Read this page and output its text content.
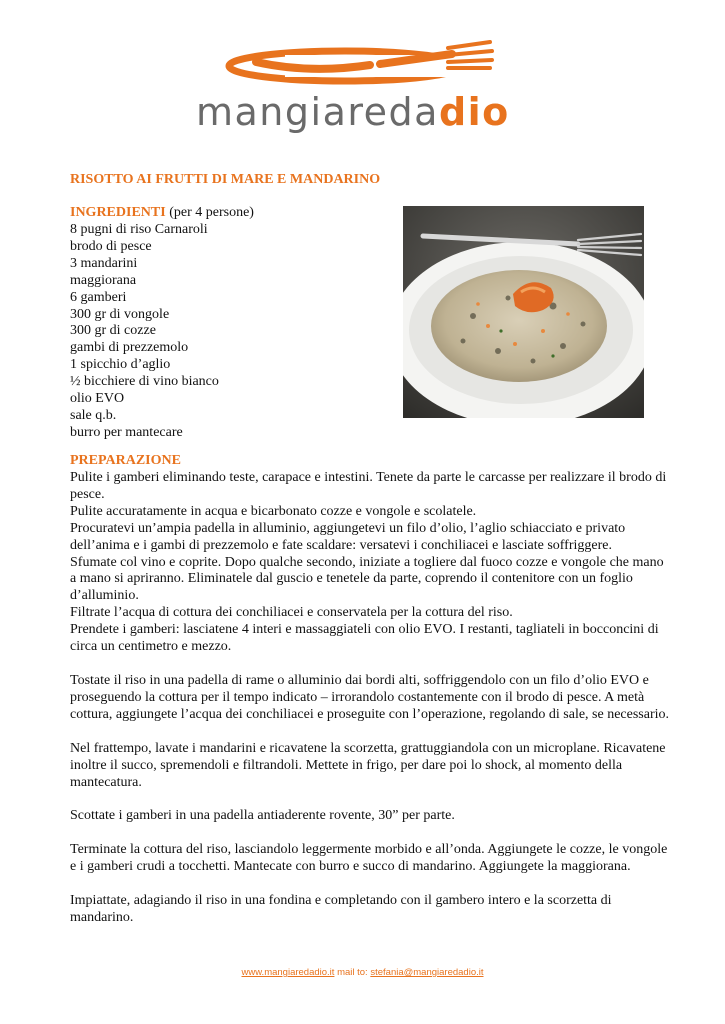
mangiaredadio
RISOTTO AI FRUTTI DI MARE E MANDARINO

INGREDIENTI (per 4 persone)

8 pugni di riso Carnaroli
brodo di pesce
3 mandarini
maggiorana
6 gamberi
300 gr di vongole
300 gr di cozze
gambi di prezzemolo
1 spicchio d’aglio
½ bicchiere di vino bianco
olio EVO
sale q.b.
burro per mantecare
PREPARAZIONE

Pulite i gamberi eliminando teste, carapace e intestini. Tenete da parte le carcasse per realizzare il brodo di pesce.

Pulite accuratamente in acqua e bicarbonato cozze e vongole e scolatele.

Procuratevi un’ampia padella in alluminio, aggiungetevi un filo d’olio, l’aglio schiacciato e privato dell’anima e i gambi di prezzemolo e fate scaldare: versatevi i conchiliacei e lasciate soffriggere.

Sfumate col vino e coprite. Dopo qualche secondo, iniziate a togliere dal fuoco cozze e vongole che mano a mano si apriranno. Eliminatele dal guscio e tenetele da parte, coprendo il contenitore con un foglio d’alluminio.

Filtrate l’acqua di cottura dei conchiliacei e conservatela per la cottura del riso.

Prendete i gamberi: lasciatene 4 interi e massaggiateli con olio EVO. I restanti, tagliateli in bocconcini di circa un centimetro e mezzo.

Tostate il riso in una padella di rame o alluminio dai bordi alti, soffriggendolo con un filo d’olio EVO e proseguendo la cottura per il tempo indicato – irrorandolo costantemente con il brodo di pesce. A metà cottura, aggiungete l’acqua dei conchiliacei e proseguite con l’operazione, regolando di sale, se necessario.

Nel frattempo, lavate i mandarini e ricavatene la scorzetta, grattuggiandola con un microplane. Ricavatene inoltre il succo, spremendoli e filtrandoli. Mettete in frigo, per dare poi lo shock, al momento della mantecatura.

Scottate i gamberi in una padella antiaderente rovente, 30” per parte.

Terminate la cottura del riso, lasciandolo leggermente morbido e all’onda. Aggiungete le cozze, le vongole e i gamberi crudi a tocchetti. Mantecate con burro e succo di mandarino. Aggiungete la maggiorana.

Impiattate, adagiando il riso in una fondina e completando con il gambero intero e la scorzetta di mandarino.

www.mangiaredadio.it mail to: stefania@mangiaredadio.it
